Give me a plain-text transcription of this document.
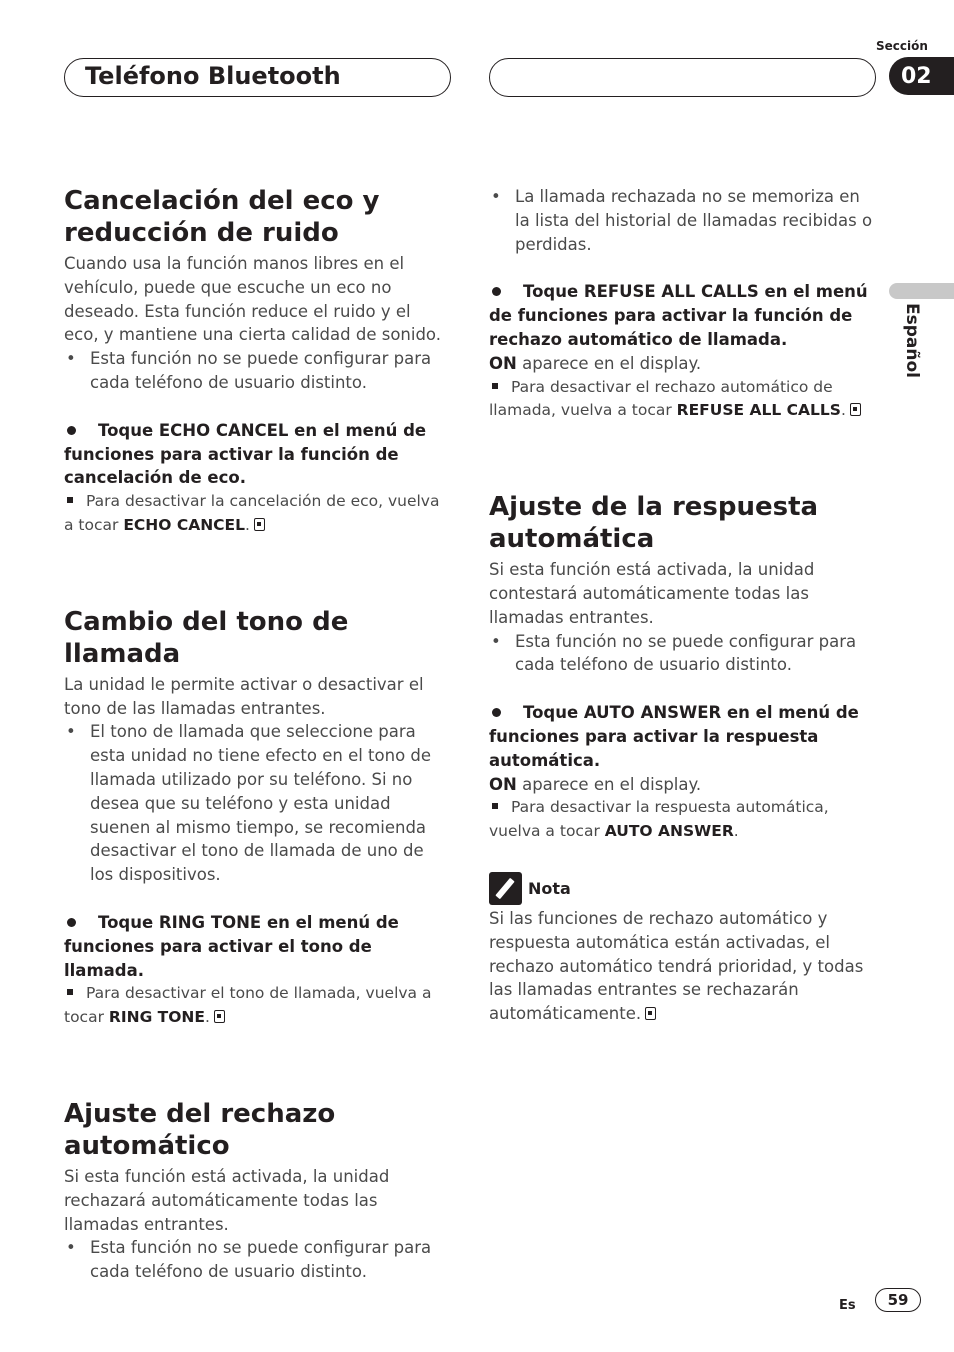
Sección
02
Teléfono Bluetooth
Español
Cancelación del eco y reducción de ruido

Cuando usa la función manos libres en el vehículo, puede que escuche un eco no deseado. Esta función reduce el ruido y el eco, y mantiene una cierta calidad de sonido.

• Esta función no se puede configurar para cada teléfono de usuario distinto.

Toque ECHO CANCEL en el menú de funciones para activar la función de cancelación de eco.

Para desactivar la cancelación de eco, vuelva a tocar ECHO CANCEL.

Cambio del tono de llamada

La unidad le permite activar o desactivar el tono de las llamadas entrantes.

• El tono de llamada que seleccione para esta unidad no tiene efecto en el tono de llamada utilizado por su teléfono. Si no desea que su teléfono y esta unidad suenen al mismo tiempo, se recomienda desactivar el tono de llamada de uno de los dispositivos.

Toque RING TONE en el menú de funciones para activar el tono de llamada.

Para desactivar el tono de llamada, vuelva a tocar RING TONE.

Ajuste del rechazo automático

Si esta función está activada, la unidad rechazará automáticamente todas las llamadas entrantes.

• Esta función no se puede configurar para cada teléfono de usuario distinto.

• La llamada rechazada no se memoriza en la lista del historial de llamadas recibidas o perdidas.

Toque REFUSE ALL CALLS en el menú de funciones para activar la función de rechazo automático de llamada.

ON aparece en el display.

Para desactivar el rechazo automático de llamada, vuelva a tocar REFUSE ALL CALLS.

Ajuste de la respuesta automática

Si esta función está activada, la unidad contestará automáticamente todas las llamadas entrantes.

• Esta función no se puede configurar para cada teléfono de usuario distinto.

Toque AUTO ANSWER en el menú de funciones para activar la respuesta automática.

ON aparece en el display.

Para desactivar la respuesta automática, vuelva a tocar AUTO ANSWER.

Nota

Si las funciones de rechazo automático y respuesta automática están activadas, el rechazo automático tendrá prioridad, y todas las llamadas entrantes se rechazarán automáticamente.

Es	59
